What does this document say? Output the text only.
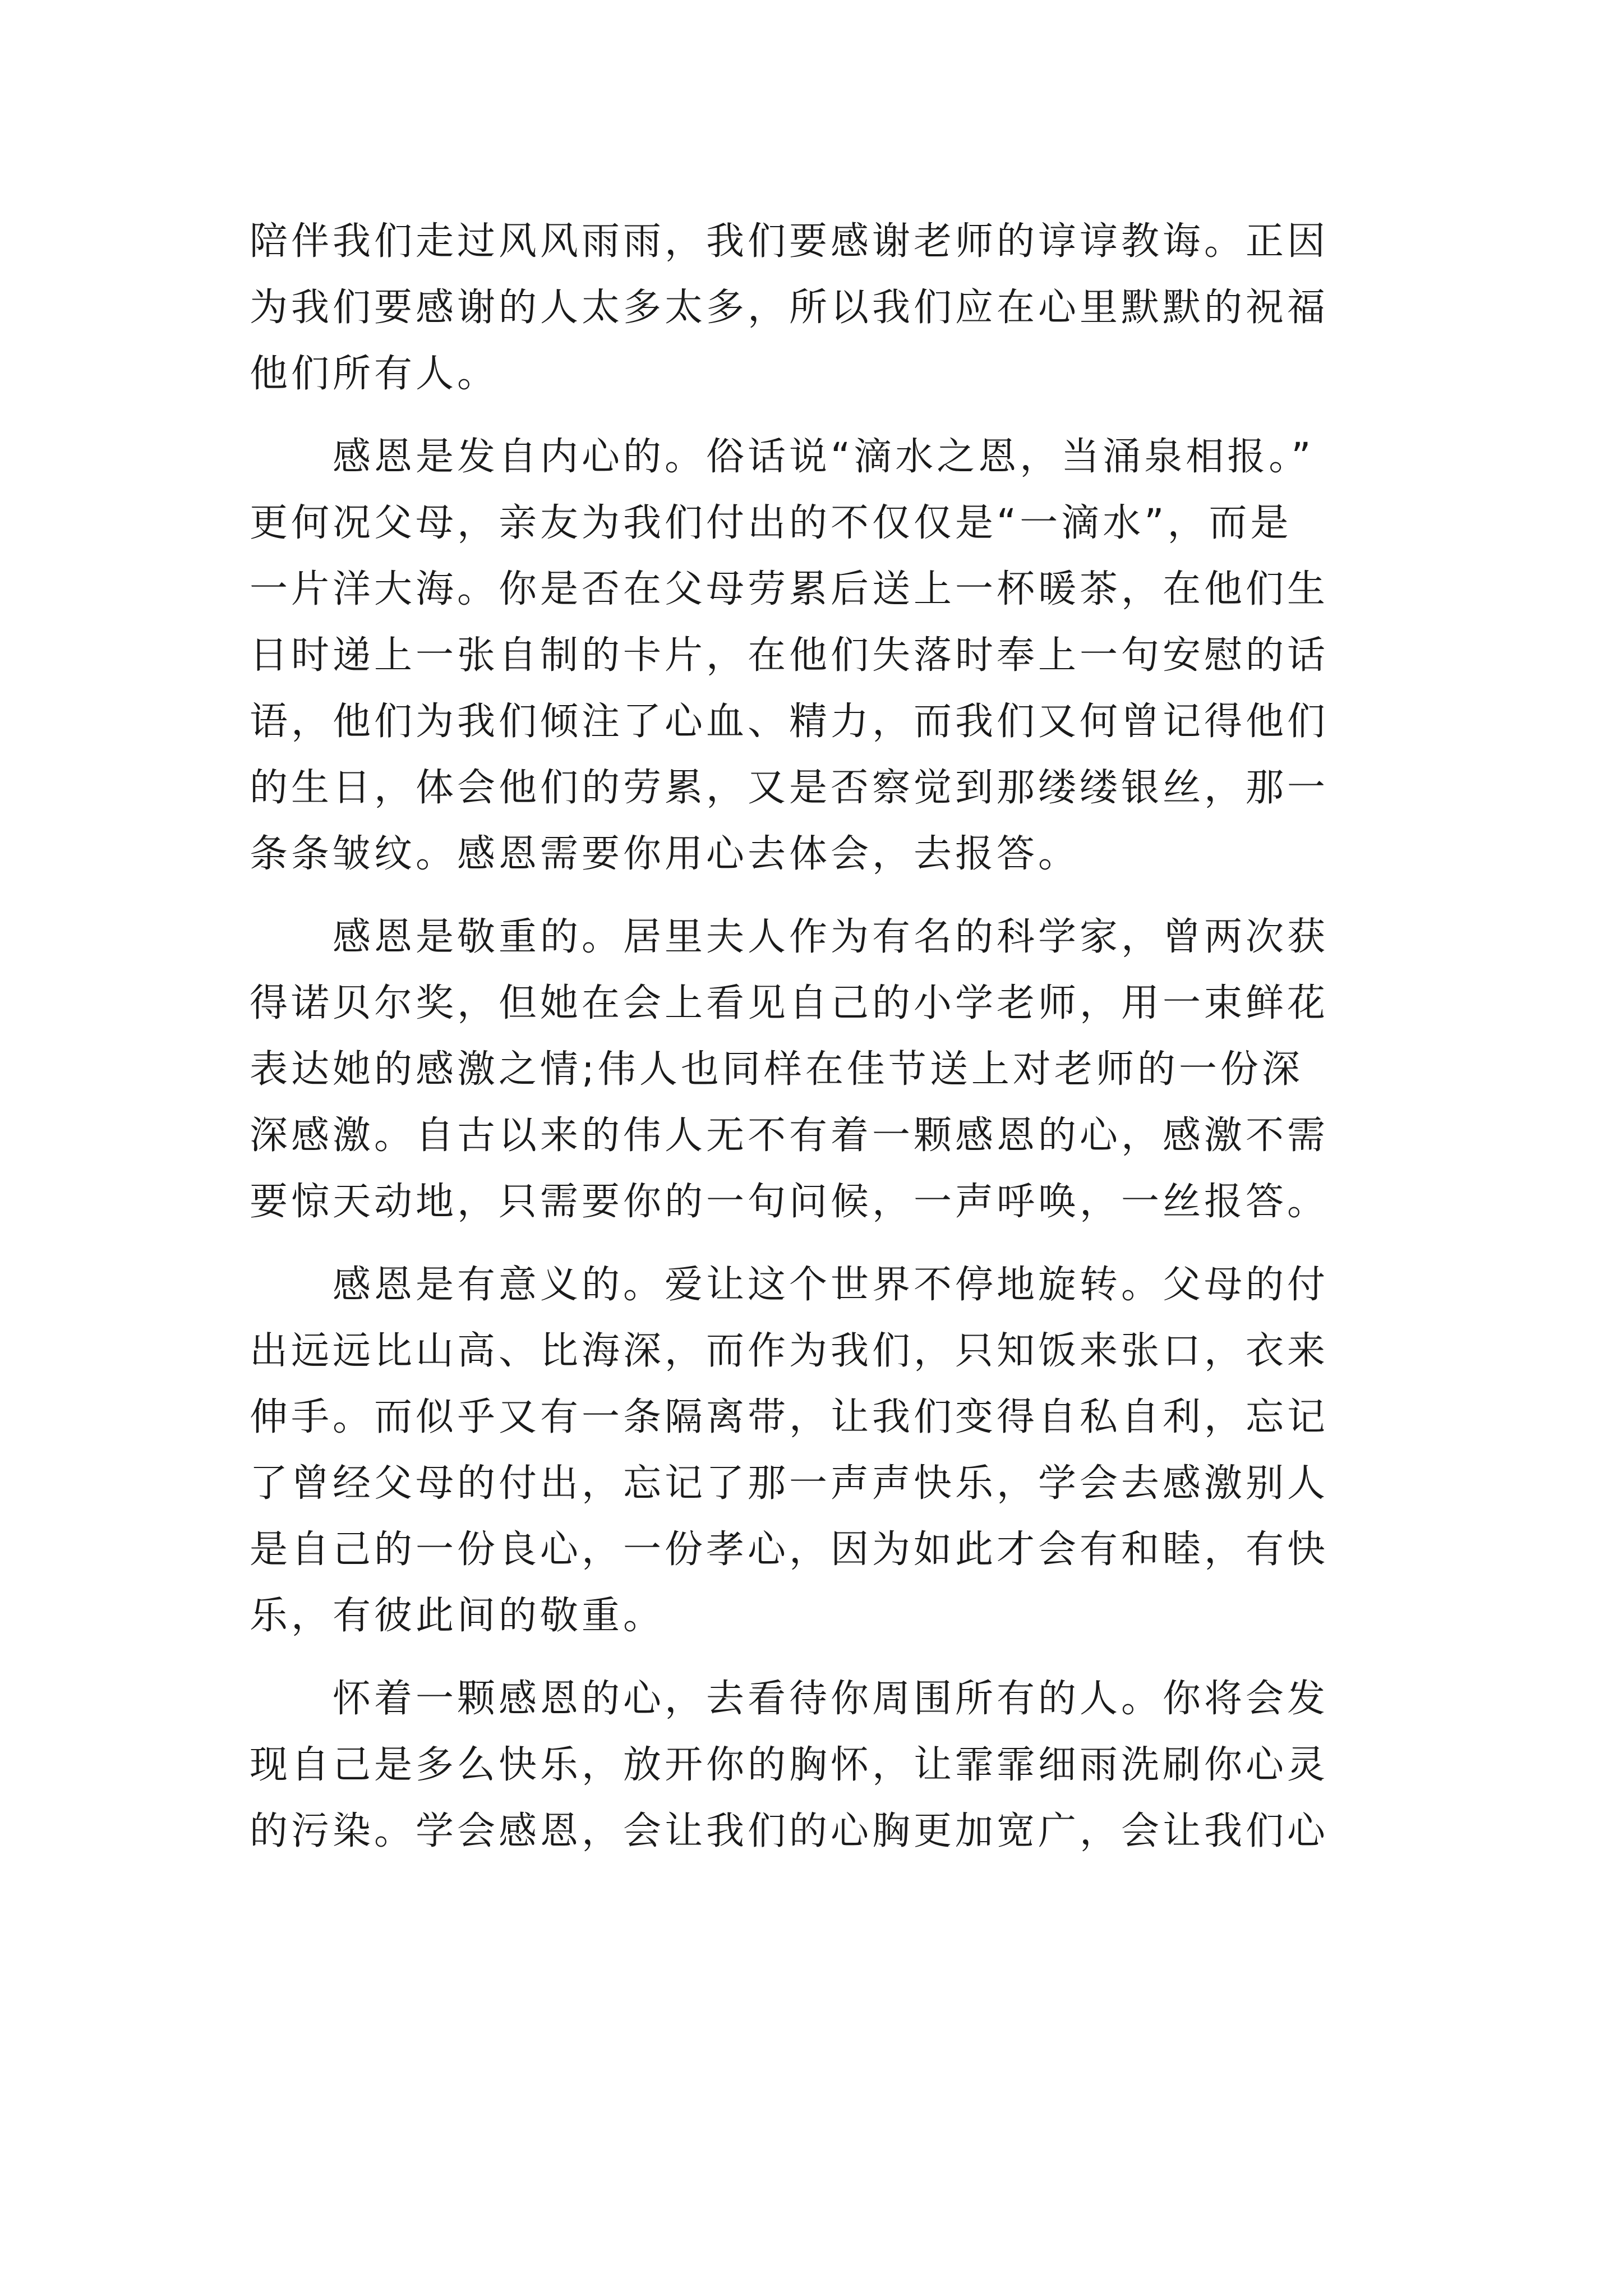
陪伴我们走过风风雨雨，我们要感谢老师的谆谆教诲。正因
为我们要感谢的人太多太多，所以我们应在心里默默的祝福
他们所有人。
　　感恩是发自内心的。俗话说“滴水之恩，当涌泉相报。”
更何况父母，亲友为我们付出的不仅仅是“一滴水”，而是
一片洋大海。你是否在父母劳累后送上一杯暖茶，在他们生
日时递上一张自制的卡片，在他们失落时奉上一句安慰的话
语，他们为我们倾注了心血、精力，而我们又何曾记得他们
的生日，体会他们的劳累，又是否察觉到那缕缕银丝，那一
条条皱纹。感恩需要你用心去体会，去报答。
　　感恩是敬重的。居里夫人作为有名的科学家，曾两次获
得诺贝尔奖，但她在会上看见自己的小学老师，用一束鲜花
表达她的感激之情;伟人也同样在佳节送上对老师的一份深
深感激。自古以来的伟人无不有着一颗感恩的心，感激不需
要惊天动地，只需要你的一句问候，一声呼唤，一丝报答。
　　感恩是有意义的。爱让这个世界不停地旋转。父母的付
出远远比山高、比海深，而作为我们，只知饭来张口，衣来
伸手。而似乎又有一条隔离带，让我们变得自私自利，忘记
了曾经父母的付出，忘记了那一声声快乐，学会去感激别人
是自己的一份良心，一份孝心，因为如此才会有和睦，有快
乐，有彼此间的敬重。
　　怀着一颗感恩的心，去看待你周围所有的人。你将会发
现自己是多么快乐，放开你的胸怀，让霏霏细雨洗刷你心灵
的污染。学会感恩，会让我们的心胸更加宽广，会让我们心
